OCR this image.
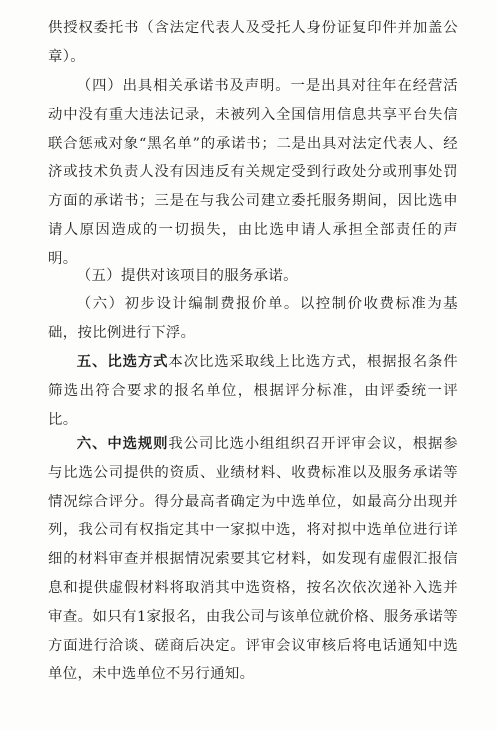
供授权委托书（含法定代表人及受托人身份证复印件并加盖公章）。

（四）出具相关承诺书及声明。一是出具对往年在经营活动中没有重大违法记录，未被列入全国信用信息共享平台失信联合惩戒对象“黑名单”的承诺书；二是出具对法定代表人、经济或技术负责人没有因违反有关规定受到行政处分或刑事处罚方面的承诺书；三是在与我公司建立委托服务期间，因比选申请人原因造成的一切损失，由比选申请人承担全部责任的声明。

（五）提供对该项目的服务承诺。

（六）初步设计编制费报价单。以控制价收费标准为基础，按比例进行下浮。

五、比选方式本次比选采取线上比选方式，根据报名条件筛选出符合要求的报名单位，根据评分标准，由评委统一评比。

六、中选规则我公司比选小组组织召开评审会议，根据参与比选公司提供的资质、业绩材料、收费标准以及服务承诺等情况综合评分。得分最高者确定为中选单位，如最高分出现并列，我公司有权指定其中一家拟中选，将对拟中选单位进行详细的材料审查并根据情况索要其它材料，如发现有虚假汇报信息和提供虚假材料将取消其中选资格，按名次依次递补入选并审查。如只有1家报名，由我公司与该单位就价格、服务承诺等方面进行洽谈、磋商后决定。评审会议审核后将电话通知中选单位，未中选单位不另行通知。
